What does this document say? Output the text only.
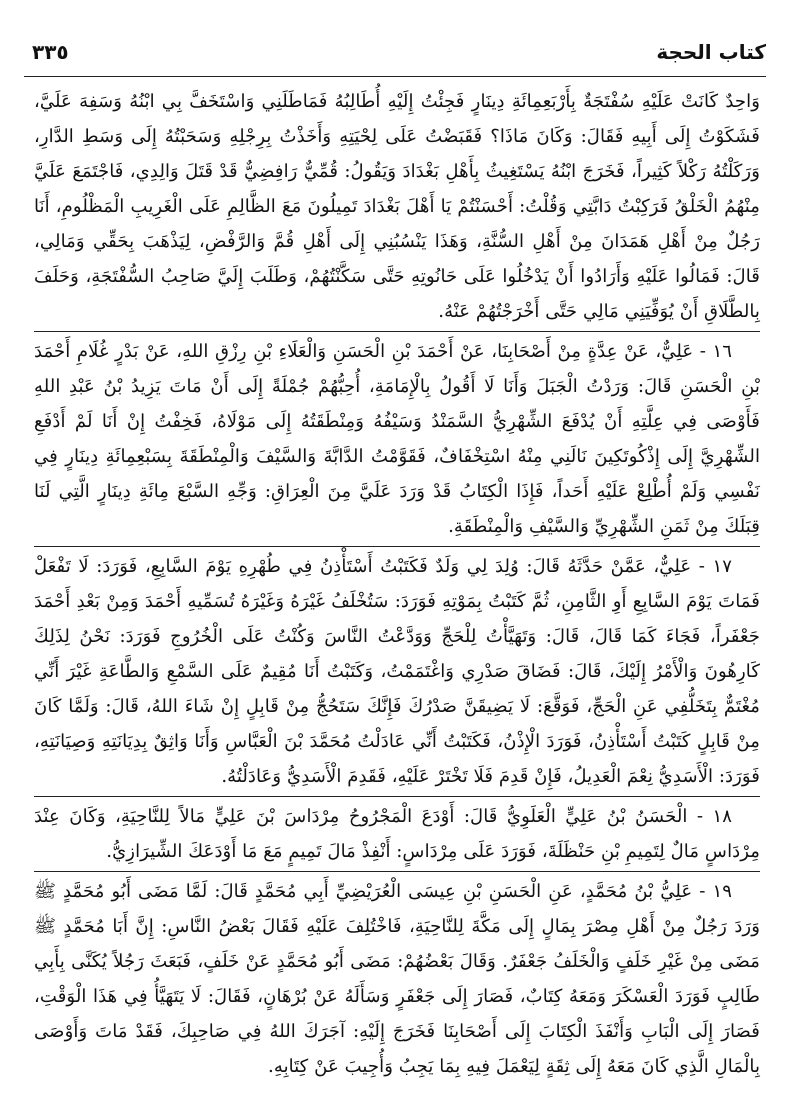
كتاب الحجة
٣٣٥

وَاحِدٌ كَانَتْ عَلَيْهِ سُفْتَجَةٌ بِأَرْبَعِمِائَةِ دِينَارٍ فَجِئْتُ إِلَيْهِ أُطَالِبُهُ فَمَاطَلَنِي وَاسْتَخَفَّ بِي ابْنُهُ وَسَفِهَ عَلَيَّ، فَشَكَوْتُ إِلَى أَبِيهِ فَقَالَ: وَكَانَ مَاذَا؟ فَقَبَضْتُ عَلَى لِحْيَتِهِ وَأَخَذْتُ بِرِجْلِهِ وَسَحَبْتُهُ إِلَى وَسَطِ الدَّارِ، وَرَكَلْتُهُ رَكْلاً كَثِيراً، فَخَرَجَ ابْنُهُ يَسْتَغِيثُ بِأَهْلِ بَغْدَادَ وَيَقُولُ: قُمِّيٌّ رَافِضِيٌّ قَدْ قَتَلَ وَالِدِي، فَاجْتَمَعَ عَلَيَّ مِنْهُمُ الْخَلْقُ فَرَكِبْتُ دَابَّتِي وَقُلْتُ: أَحْسَنْتُمْ يَا أَهْلَ بَغْدَادَ تَمِيلُونَ مَعَ الظَّالِمِ عَلَى الْغَرِيبِ الْمَظْلُومِ، أَنَا رَجُلٌ مِنْ أَهْلِ هَمَدَانَ مِنْ أَهْلِ السُّنَّةِ، وَهَذَا يَنْسُبُنِي إِلَى أَهْلِ قُمَّ وَالرَّفْضِ، لِيَذْهَبَ بِحَقِّي وَمَالِي، قَالَ: فَمَالُوا عَلَيْهِ وَأَرَادُوا أَنْ يَدْخُلُوا عَلَى حَانُوتِهِ حَتَّى سَكَّنْتُهُمْ، وَطَلَبَ إِلَيَّ صَاحِبُ السُّفْتَجَةِ، وَحَلَفَ بِالطَّلَاقِ أَنْ يُوَفِّيَنِي مَالِي حَتَّى أَخْرَجْتُهُمْ عَنْهُ.

١٦ - عَلِيٌّ، عَنْ عِدَّةٍ مِنْ أَصْحَابِنَا، عَنْ أَحْمَدَ بْنِ الْحَسَنِ وَالْعَلَاءِ بْنِ رِزْقِ اللهِ، عَنْ بَدْرٍ غُلَامِ أَحْمَدَ بْنِ الْحَسَنِ قَالَ: وَرَدْتُ الْجَبَلَ وَأَنَا لَا أَقُولُ بِالْإِمَامَةِ، أُحِبُّهُمْ جُمْلَةً إِلَى أَنْ مَاتَ يَزِيدُ بْنُ عَبْدِ اللهِ فَأَوْصَى فِي عِلَّتِهِ أَنْ يُدْفَعَ الشِّهْرِيُّ السَّمَنْدُ وَسَيْفُهُ وَمِنْطَقَتُهُ إِلَى مَوْلَاهُ، فَخِفْتُ إِنْ أَنَا لَمْ أَدْفَعِ الشِّهْرِيَّ إِلَى إِذْكُوتَكِينَ نَالَنِي مِنْهُ اسْتِخْفَافٌ، فَقَوَّمْتُ الدَّابَّةَ وَالسَّيْفَ وَالْمِنْطَقَةَ بِسَبْعِمِائَةِ دِينَارٍ فِي نَفْسِي وَلَمْ أُطْلِعْ عَلَيْهِ أَحَداً، فَإِذَا الْكِتَابُ قَدْ وَرَدَ عَلَيَّ مِنَ الْعِرَاقِ: وَجِّهِ السَّبْعَ مِائَةِ دِينَارٍ الَّتِي لَنَا قِبَلَكَ مِنْ ثَمَنِ الشِّهْرِيِّ وَالسَّيْفِ وَالْمِنْطَقَةِ.

١٧ - عَلِيٌّ، عَمَّنْ حَدَّثَهُ قَالَ: وُلِدَ لِي وَلَدٌ فَكَتَبْتُ أَسْتَأْذِنُ فِي طُهْرِهِ يَوْمَ السَّابِعِ، فَوَرَدَ: لَا تَفْعَلْ فَمَاتَ يَوْمَ السَّابِعِ أَوِ الثَّامِنِ، ثُمَّ كَتَبْتُ بِمَوْتِهِ فَوَرَدَ: سَتُخْلَفُ غَيْرَهُ وَغَيْرَهُ تُسَمِّيهِ أَحْمَدَ وَمِنْ بَعْدِ أَحْمَدَ جَعْفَراً، فَجَاءَ كَمَا قَالَ، قَالَ: وَتَهَيَّأْتُ لِلْحَجِّ وَوَدَّعْتُ النَّاسَ وَكُنْتُ عَلَى الْخُرُوجِ فَوَرَدَ: نَحْنُ لِذَلِكَ كَارِهُونَ وَالْأَمْرُ إِلَيْكَ، قَالَ: فَضَاقَ صَدْرِي وَاغْتَمَمْتُ، وَكَتَبْتُ أَنَا مُقِيمٌ عَلَى السَّمْعِ وَالطَّاعَةِ غَيْرَ أَنِّي مُغْتَمٌّ بِتَخَلُّفِي عَنِ الْحَجِّ، فَوَقَّعَ: لَا يَضِيقَنَّ صَدْرُكَ فَإِنَّكَ سَتَحُجُّ مِنْ قَابِلٍ إِنْ شَاءَ اللهُ، قَالَ: وَلَمَّا كَانَ مِنْ قَابِلٍ كَتَبْتُ أَسْتَأْذِنُ، فَوَرَدَ الْإِذْنُ، فَكَتَبْتُ أَنِّي عَادَلْتُ مُحَمَّدَ بْنَ الْعَبَّاسِ وَأَنَا وَاثِقٌ بِدِيَانَتِهِ وَصِيَانَتِهِ، فَوَرَدَ: الْأَسَدِيُّ نِعْمَ الْعَدِيلُ، فَإِنْ قَدِمَ فَلَا تَخْتَرْ عَلَيْهِ، فَقَدِمَ الْأَسَدِيُّ وَعَادَلْتُهُ.

١٨ - الْحَسَنُ بْنُ عَلِيٍّ الْعَلَوِيُّ قَالَ: أَوْدَعَ الْمَجْرُوحُ مِرْدَاسَ بْنَ عَلِيٍّ مَالاً لِلنَّاحِيَةِ، وَكَانَ عِنْدَ مِرْدَاسٍ مَالٌ لِتَمِيمِ بْنِ حَنْظَلَةَ، فَوَرَدَ عَلَى مِرْدَاسٍ: أَنْفِذْ مَالَ تَمِيمٍ مَعَ مَا أَوْدَعَكَ الشِّيرَازِيُّ.

١٩ - عَلِيُّ بْنُ مُحَمَّدٍ، عَنِ الْحَسَنِ بْنِ عِيسَى الْعُرَيْضِيِّ أَبِي مُحَمَّدٍ قَالَ: لَمَّا مَضَى أَبُو مُحَمَّدٍ ﷺ وَرَدَ رَجُلٌ مِنْ أَهْلِ مِصْرَ بِمَالٍ إِلَى مَكَّةَ لِلنَّاحِيَةِ، فَاخْتُلِفَ عَلَيْهِ فَقَالَ بَعْضُ النَّاسِ: إِنَّ أَبَا مُحَمَّدٍ ﷺ مَضَى مِنْ غَيْرِ خَلَفٍ وَالْخَلَفُ جَعْفَرٌ. وَقَالَ بَعْضُهُمْ: مَضَى أَبُو مُحَمَّدٍ عَنْ خَلَفٍ، فَبَعَثَ رَجُلاً يُكَنَّى بِأَبِي طَالِبٍ فَوَرَدَ الْعَسْكَرَ وَمَعَهُ كِتَابٌ، فَصَارَ إِلَى جَعْفَرٍ وَسَأَلَهُ عَنْ بُرْهَانٍ، فَقَالَ: لَا يَتَهَيَّأُ فِي هَذَا الْوَقْتِ، فَصَارَ إِلَى الْبَابِ وَأَنْفَذَ الْكِتَابَ إِلَى أَصْحَابِنَا فَخَرَجَ إِلَيْهِ: آجَرَكَ اللهُ فِي صَاحِبِكَ، فَقَدْ مَاتَ وَأَوْصَى بِالْمَالِ الَّذِي كَانَ مَعَهُ إِلَى ثِقَةٍ لِيَعْمَلَ فِيهِ بِمَا يَجِبُ وَأُجِيبَ عَنْ كِتَابِهِ.
